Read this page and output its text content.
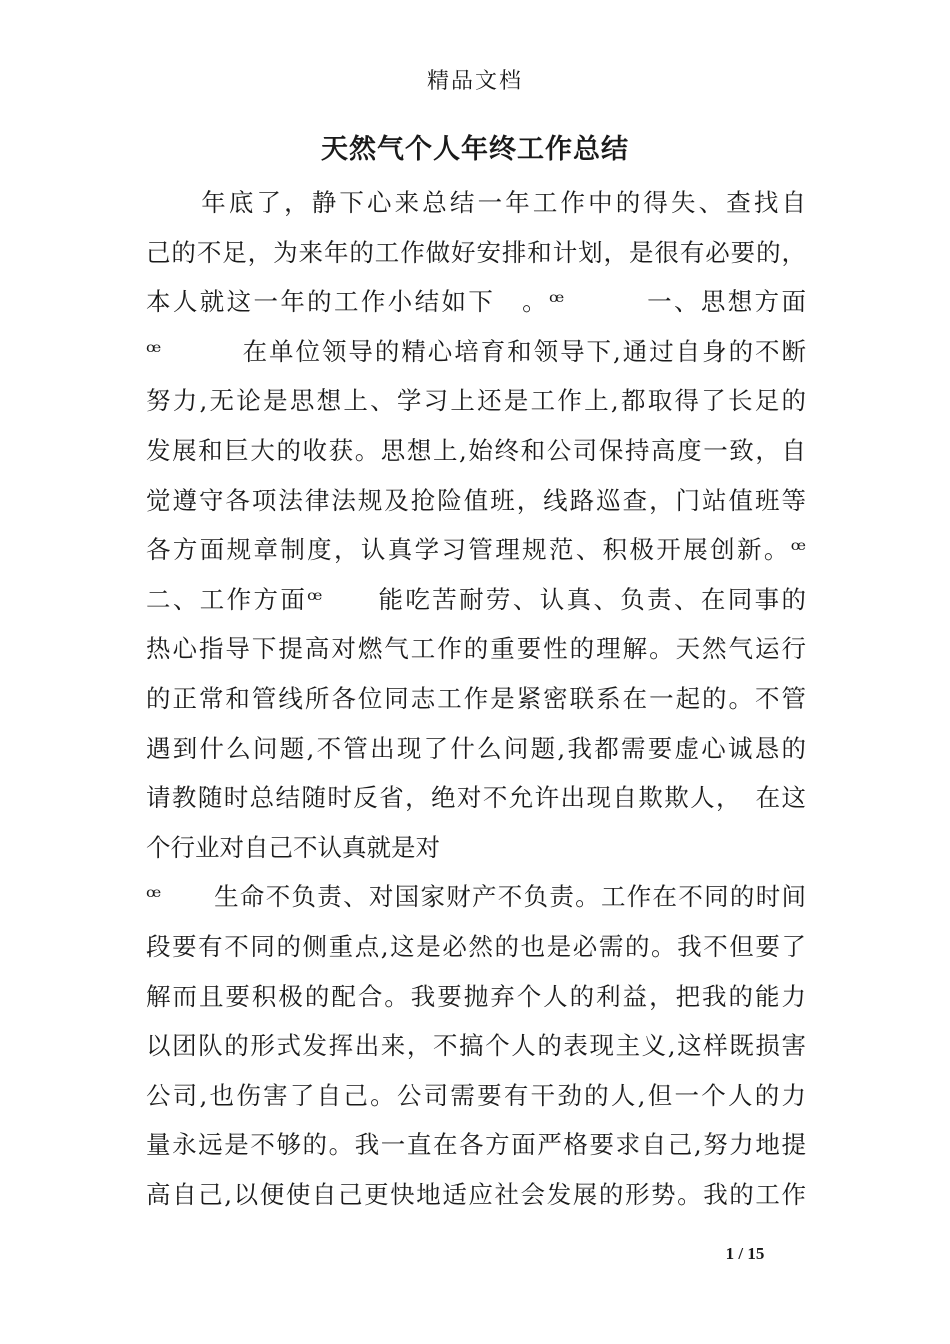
精品文档
天然气个人年终工作总结
　　年底了，静下心来总结一年工作中的得失、查找自
己的不足，为来年的工作做好安排和计划，是很有必要的，
本人就这一年的工作小结如下　。ꟹ　　　一、思想方面
ꟹ　　　在单位领导的精心培育和领导下,通过自身的不断
努力,无论是思想上、学习上还是工作上,都取得了长足的
发展和巨大的收获。思想上,始终和公司保持高度一致，自
觉遵守各项法律法规及抢险值班，线路巡查，门站值班等
各方面规章制度，认真学习管理规范、积极开展创新。ꟹ
二、工作方面ꟹ　　能吃苦耐劳、认真、负责、在同事的
热心指导下提高对燃气工作的重要性的理解。天然气运行
的正常和管线所各位同志工作是紧密联系在一起的。不管
遇到什么问题,不管出现了什么问题,我都需要虚心诚恳的
请教随时总结随时反省，绝对不允许出现自欺欺人，　在这
个行业对自己不认真就是对
ꟹ　　生命不负责、对国家财产不负责。工作在不同的时间
段要有不同的侧重点,这是必然的也是必需的。我不但要了
解而且要积极的配合。我要抛弃个人的利益，把我的能力
以团队的形式发挥出来，不搞个人的表现主义,这样既损害
公司,也伤害了自己。公司需要有干劲的人,但一个人的力
量永远是不够的。我一直在各方面严格要求自己,努力地提
高自己,以便使自己更快地适应社会发展的形势。我的工作
1 / 15
